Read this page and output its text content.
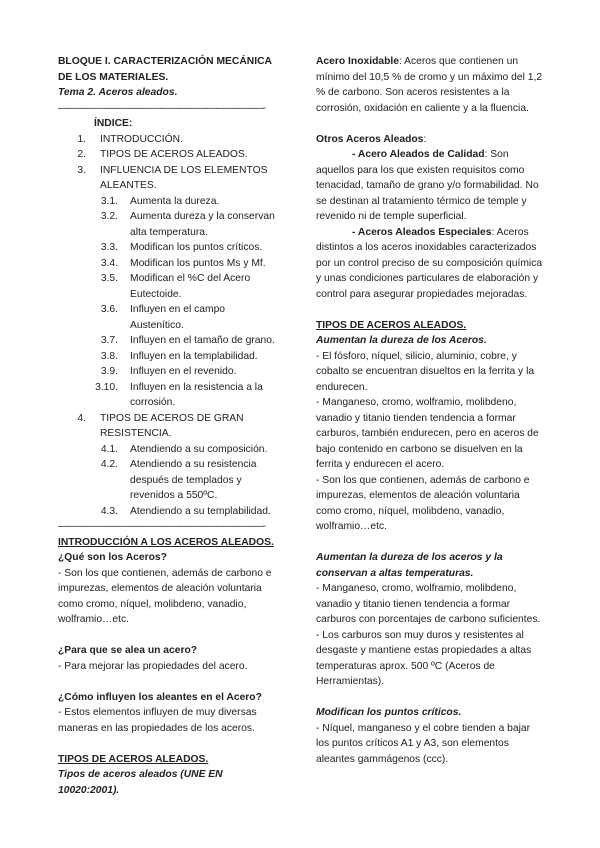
BLOQUE I. CARACTERIZACIÓN MECÁNICA DE LOS MATERIALES.
Tema 2. Aceros aleados.
——————————————————————-
ÍNDICE:
1.	INTRODUCCIÓN.
2.	TIPOS DE ACEROS ALEADOS.
3.	INFLUENCIA DE LOS ELEMENTOS ALEANTES.
3.1.	Aumenta la dureza.
3.2.	Aumenta dureza y la conservan alta temperatura.
3.3.	Modifican los puntos críticos.
3.4.	Modifican los puntos Ms y Mf.
3.5.	Modifican el %C del Acero Eutectoide.
3.6.	Influyen en el campo Austenítico.
3.7.	Influyen en el tamaño de grano.
3.8.	Influyen en la templabilidad.
3.9.	Influyen en el revenido.
3.10.	Influyen en la resistencia a la corrosión.
4.	TIPOS DE ACEROS DE GRAN RESISTENCIA.
4.1.	Atendiendo a su composición.
4.2.	Atendiendo a su resistencia después de templados y revenidos a 550ºC.
4.3.	Atendiendo a su templabilidad.
——————————————————————-
INTRODUCCIÓN A LOS ACEROS ALEADOS.
¿Qué son los Aceros?
- Son los que contienen, además de carbono e impurezas, elementos de aleación voluntaria como cromo, níquel, molibdeno, vanadio, wolframio…etc.
¿Para que se alea un acero?
- Para mejorar las propiedades del acero.
¿Cómo influyen los aleantes en el Acero?
- Estos elementos influyen de muy diversas maneras en las propiedades de los aceros.
TIPOS DE ACEROS ALEADOS.
Tipos de aceros aleados (UNE EN 10020:2001).
Acero Inoxidable: Aceros que contienen un mínimo del 10,5 % de cromo y un máximo del 1,2 % de carbono. Son aceros resistentes a la corrosión, oxidación en caliente y a la fluencia.
Otros Aceros Aleados:
- Acero Aleados de Calidad: Son aquellos para los que existen requisitos como tenacidad, tamaño de grano y/o formabilidad. No se destinan al tratamiento térmico de temple y revenido ni de temple superficial.
- Aceros Aleados Especiales: Aceros distintos a los aceros inoxidables caracterizados por un control preciso de su composición química y unas condiciones particulares de elaboración y control para asegurar propiedades mejoradas.
TIPOS DE ACEROS ALEADOS.
Aumentan la dureza de los Aceros.
- El fósforo, níquel, silicio, aluminio, cobre, y cobalto se encuentran disueltos en la ferrita y la endurecen.
- Manganeso, cromo, wolframio, molibdeno, vanadio y titanio tienden tendencia a formar carburos, también endurecen, pero en aceros de bajo contenido en carbono se disuelven en la ferrita y endurecen el acero.
- Son los que contienen, además de carbono e impurezas, elementos de aleación voluntaria como cromo, níquel, molibdeno, vanadio, wolframio…etc.
Aumentan la dureza de los aceros y la conservan a altas temperaturas.
- Manganeso, cromo, wolframio, molibdeno, vanadio y titanio tienen tendencia a formar carburos con porcentajes de carbono suficientes.
- Los carburos son muy duros y resistentes al desgaste y mantiene estas propiedades a altas temperaturas aprox. 500 ºC (Aceros de Herramientas).
Modifican los puntos críticos.
- Níquel, manganeso y el cobre tienden a bajar los puntos críticos A1 y A3, son elementos aleantes gammágenos (ccc).
